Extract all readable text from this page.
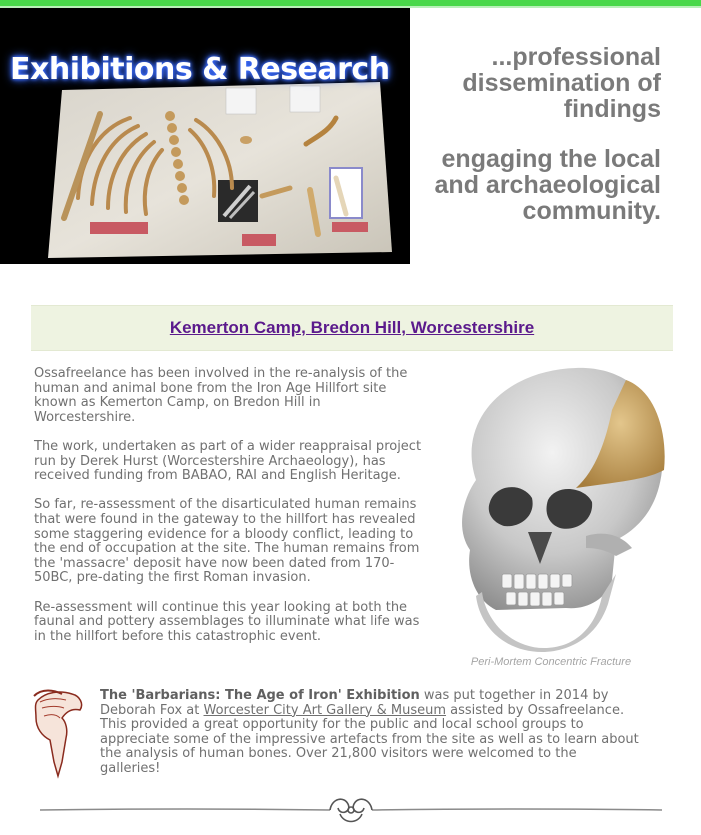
Exhibitions & Research	...professional dissemination of findings

engaging the local and archaeological community.

Kemerton Camp, Bredon Hill, Worcestershire

Ossafreelance has been involved in the re-analysis of the human and animal bone from the Iron Age Hillfort site known as Kemerton Camp, on Bredon Hill in Worcestershire.

The work, undertaken as part of a wider reappraisal project run by Derek Hurst (Worcestershire Archaeology), has received funding from BABAO, RAI and English Heritage.

So far, re-assessment of the disarticulated human remains that were found in the gateway to the hillfort has revealed some staggering evidence for a bloody conflict, leading to the end of occupation at the site. The human remains from the 'massacre' deposit have now been dated from 170-50BC, pre-dating the first Roman invasion.

Re-assessment will continue this year looking at both the faunal and pottery assemblages to illuminate what life was in the hillfort before this catastrophic event.

Peri-Mortem Concentric Fracture
The 'Barbarians: The Age of Iron' Exhibition was put together in 2014 by Deborah Fox at Worcester City Art Gallery & Museum assisted by Ossafreelance. This provided a great opportunity for the public and local school groups to appreciate some of the impressive artefacts from the site as well as to learn about the analysis of human bones. Over 21,800 visitors were welcomed to the galleries!
